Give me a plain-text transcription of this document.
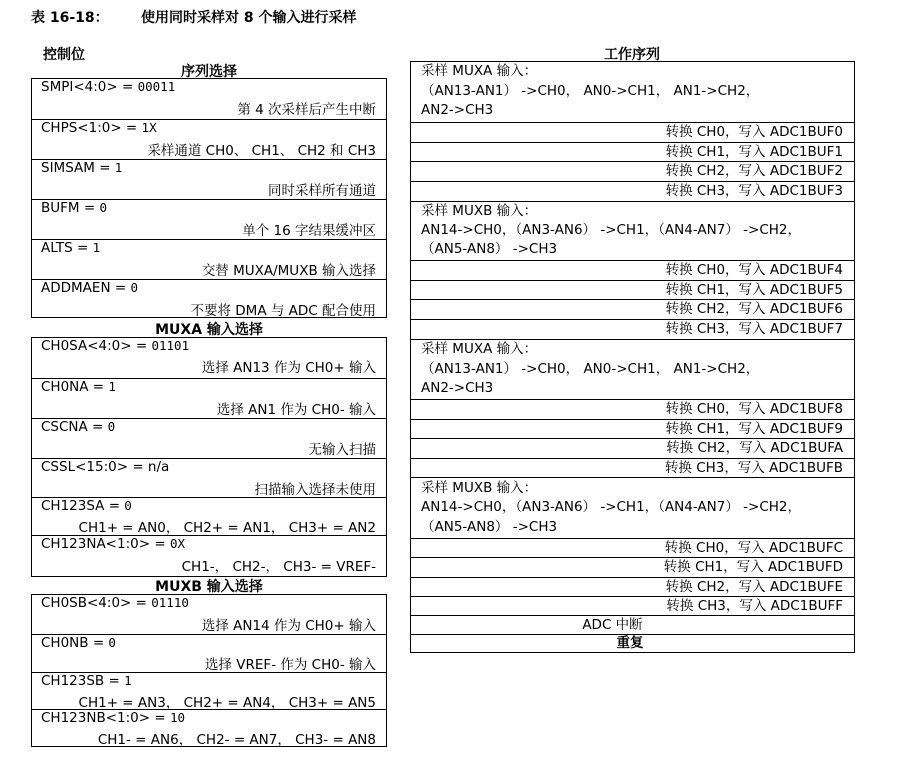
表 16-18： 使用同时采样对 8 个输入进行采样
控制位
序列选择
SMPI<4:0> = 00011
第 4 次采样后产生中断
CHPS<1:0> = 1X
采样通道 CH0、 CH1、 CH2 和 CH3
SIMSAM = 1
同时采样所有通道
BUFM = 0
单个 16 字结果缓冲区
ALTS = 1
交替 MUXA/MUXB 输入选择
ADDMAEN = 0
不要将 DMA 与 ADC 配合使用
MUXA 输入选择
CH0SA<4:0> = 01101
选择 AN13 作为 CH0+ 输入
CH0NA = 1
选择 AN1 作为 CH0- 输入
CSCNA = 0
无输入扫描
CSSL<15:0> = n/a
扫描输入选择未使用
CH123SA = 0
CH1+ = AN0， CH2+ = AN1， CH3+ = AN2
CH123NA<1:0> = 0X
CH1-， CH2-， CH3- = VREF-
MUXB 输入选择
CH0SB<4:0> = 01110
选择 AN14 作为 CH0+ 输入
CH0NB = 0
选择 VREF- 作为 CH0- 输入
CH123SB = 1
CH1+ = AN3， CH2+ = AN4， CH3+ = AN5
CH123NB<1:0> = 10
CH1- = AN6， CH2- = AN7， CH3- = AN8
工作序列
采样 MUXA 输入：
（AN13-AN1） ->CH0， AN0->CH1， AN1->CH2，
AN2->CH3
转换 CH0，写入 ADC1BUF0
转换 CH1，写入 ADC1BUF1
转换 CH2，写入 ADC1BUF2
转换 CH3，写入 ADC1BUF3
采样 MUXB 输入：
AN14->CH0，（AN3-AN6） ->CH1，（AN4-AN7） ->CH2，
（AN5-AN8） ->CH3
转换 CH0，写入 ADC1BUF4
转换 CH1，写入 ADC1BUF5
转换 CH2，写入 ADC1BUF6
转换 CH3，写入 ADC1BUF7
采样 MUXA 输入：
（AN13-AN1） ->CH0， AN0->CH1， AN1->CH2，
AN2->CH3
转换 CH0，写入 ADC1BUF8
转换 CH1，写入 ADC1BUF9
转换 CH2，写入 ADC1BUFA
转换 CH3，写入 ADC1BUFB
采样 MUXB 输入：
AN14->CH0，（AN3-AN6） ->CH1，（AN4-AN7） ->CH2，
（AN5-AN8） ->CH3
转换 CH0，写入 ADC1BUFC
转换 CH1，写入 ADC1BUFD
转换 CH2，写入 ADC1BUFE
转换 CH3，写入 ADC1BUFF
ADC 中断
重复
